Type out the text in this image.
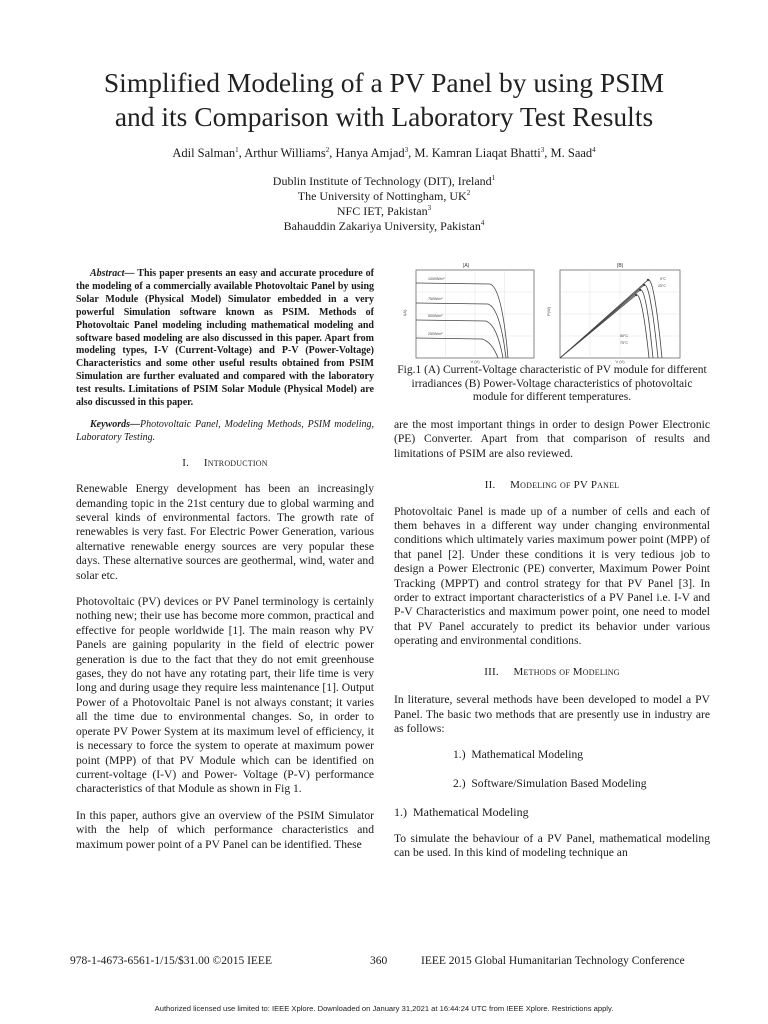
Simplified Modeling of a PV Panel by using PSIM
and its Comparison with Laboratory Test Results
Adil Salman$^1$, Arthur Williams$^2$, Hanya Amjad$^3$, M. Kamran Liaqat Bhatti$^3$, M. Saad$^4$
Dublin Institute of Technology (DIT), Ireland$^1$
The University of Nottingham, $UK^2$
NFC IET, Pakistan$^3$
Bahauddin Zakariya University, Pakistan$^4$

Abstract— This paper presents an easy and accurate procedure of the modeling of a commercially available Photovoltaic Panel by using Solar Module (Physical Model) Simulator embedded in a very powerful Simulation software known as PSIM. Methods of Photovoltaic Panel modeling including mathematical modeling and software based modeling are also discussed in this paper. Apart from modeling types, I-V (Current-Voltage) and P-V (Power-Voltage) Characteristics and some other useful results obtained from PSIM Simulation are further evaluated and compared with the laboratory test results. Limitations of PSIM Solar Module (Physical Model) are also discussed in this paper.

Keywords—Photovoltaic Panel, Modeling Methods, PSIM modeling, Laboratory Testing.

I. Introduction

Renewable Energy development has been an increasingly demanding topic in the 21st century due to global warming and several kinds of environmental factors. The growth rate of renewables is very fast. For Electric Power Generation, various alternative renewable energy sources are very popular these days. These alternative sources are geothermal, wind, water and solar etc.

Photovoltaic (PV) devices or PV Panel terminology is certainly nothing new; their use has become more common, practical and effective for people worldwide [1]. The main reason why PV Panels are gaining popularity in the field of electric power generation is due to the fact that they do not emit greenhouse gases, they do not have any rotating part, their life time is very long and during usage they require less maintenance [1]. Output Power of a Photovoltaic Panel is not always constant; it varies all the time due to environmental changes. So, in order to operate PV Power System at its maximum level of efficiency, it is necessary to force the system to operate at maximum power point (MPP) of that PV Module which can be identified on current-voltage (I-V) and Power- Voltage (P-V) performance characteristics of that Module as shown in Fig 1.

In this paper, authors give an overview of the PSIM Simulator with the help of which performance characteristics and maximum power point of a PV Panel can be identified. These

(A)
1000W/m²
750W/m²
500W/m²
250W/m²
I(A)
V (V)
(B)
0°C
25°C
50°C
75°C
P(W)
V (V)
Fig.1 (A) Current-Voltage characteristic of PV module for different irradiances (B) Power-Voltage characteristics of photovoltaic module for different temperatures.

are the most important things in order to design Power Electronic (PE) Converter. Apart from that comparison of results and limitations of PSIM are also reviewed.

II. Modeling of PV Panel

Photovoltaic Panel is made up of a number of cells and each of them behaves in a different way under changing environmental conditions which ultimately varies maximum power point (MPP) of that panel [2]. Under these conditions it is very tedious job to design a Power Electronic (PE) converter, Maximum Power Point Tracking (MPPT) and control strategy for that PV Panel [3]. In order to extract important characteristics of a PV Panel i.e. I-V and P-V Characteristics and maximum power point, one need to model that PV Panel accurately to predict its behavior under various operating and environmental conditions.

III. Methods of Modeling

In literature, several methods have been developed to model a PV Panel. The basic two methods that are presently use in industry are as follows:

1.)  Mathematical Modeling
2.)  Software/Simulation Based Modeling
1.)  Mathematical Modeling

To simulate the behaviour of a PV Panel, mathematical modeling can be used. In this kind of modeling technique an

978-1-4673-6561-1/15/$31.00 ©2015 IEEE	360	IEEE 2015 Global Humanitarian Technology Conference
Authorized licensed use limited to: IEEE Xplore. Downloaded on January 31,2021 at 16:44:24 UTC from IEEE Xplore. Restrictions apply.
